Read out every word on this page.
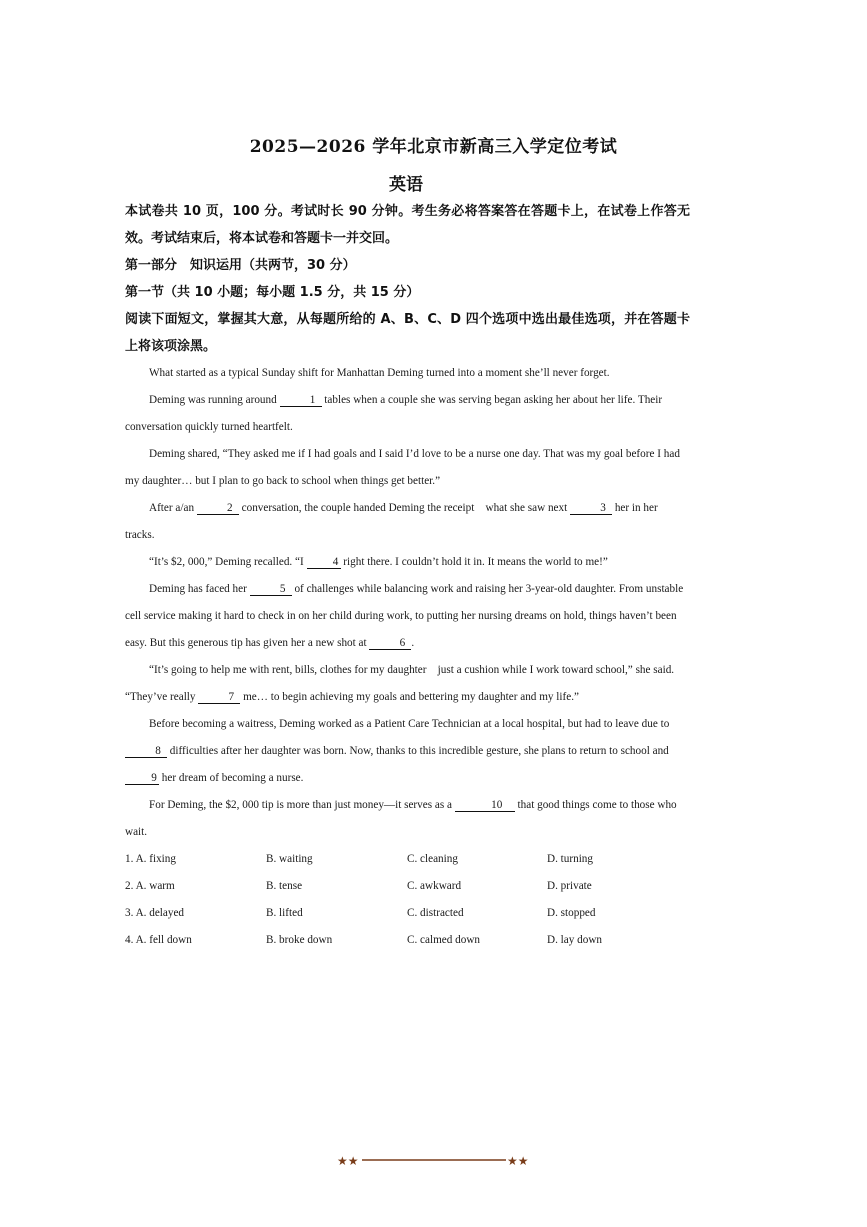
2025—2026 学年北京市新高三入学定位考试
英语
本试卷共 10 页，100 分。考试时长 90 分钟。考生务必将答案答在答题卡上，在试卷上作答无效。考试结束后，将本试卷和答题卡一并交回。
第一部分　知识运用（共两节，30 分）
第一节（共 10 小题；每小题 1.5 分，共 15 分）
阅读下面短文，掌握其大意，从每题所给的 A、B、C、D 四个选项中选出最佳选项，并在答题卡上将该项涂黑。
What started as a typical Sunday shift for Manhattan Deming turned into a moment she’ll never forget.
Deming was running around	1 tables when a couple she was serving began asking her about her life. Their conversation quickly turned heartfelt.
Deming shared, “They asked me if I had goals and I said I’d love to be a nurse one day. That was my goal before I had my daughter… but I plan to go back to school when things get better.”
After a/an	2 conversation, the couple handed Deming the receipt　what she saw next	3 her in her tracks.
“It’s $2, 000,” Deming recalled. “I 4 right there. I couldn’t hold it in. It means the world to me!”
Deming has faced her	5 of challenges while balancing work and raising her 3-year-old daughter. From unstable cell service making it hard to check in on her child during work, to putting her nursing dreams on hold, things haven’t been easy. But this generous tip has given her a new shot at	6 .
“It’s going to help me with rent, bills, clothes for my daughter　just a cushion while I work toward school,” she said. “They’ve really	7 me… to begin achieving my goals and bettering my daughter and my life.”
Before becoming a waitress, Deming worked as a Patient Care Technician at a local hospital, but had to leave due to 8 difficulties after her daughter was born. Now, thanks to this incredible gesture, she plans to return to school and 9 her dream of becoming a nurse.
For Deming, the $2, 000 tip is more than just money—it serves as a	10 that good things come to those who wait.
1. A. fixing	B. waiting	C. cleaning	D. turning
2. A. warm	B. tense	C. awkward	D. private
3. A. delayed	B. lifted	C. distracted	D. stopped
4. A. fell down	B. broke down	C. calmed down	D. lay down
★★	★★
